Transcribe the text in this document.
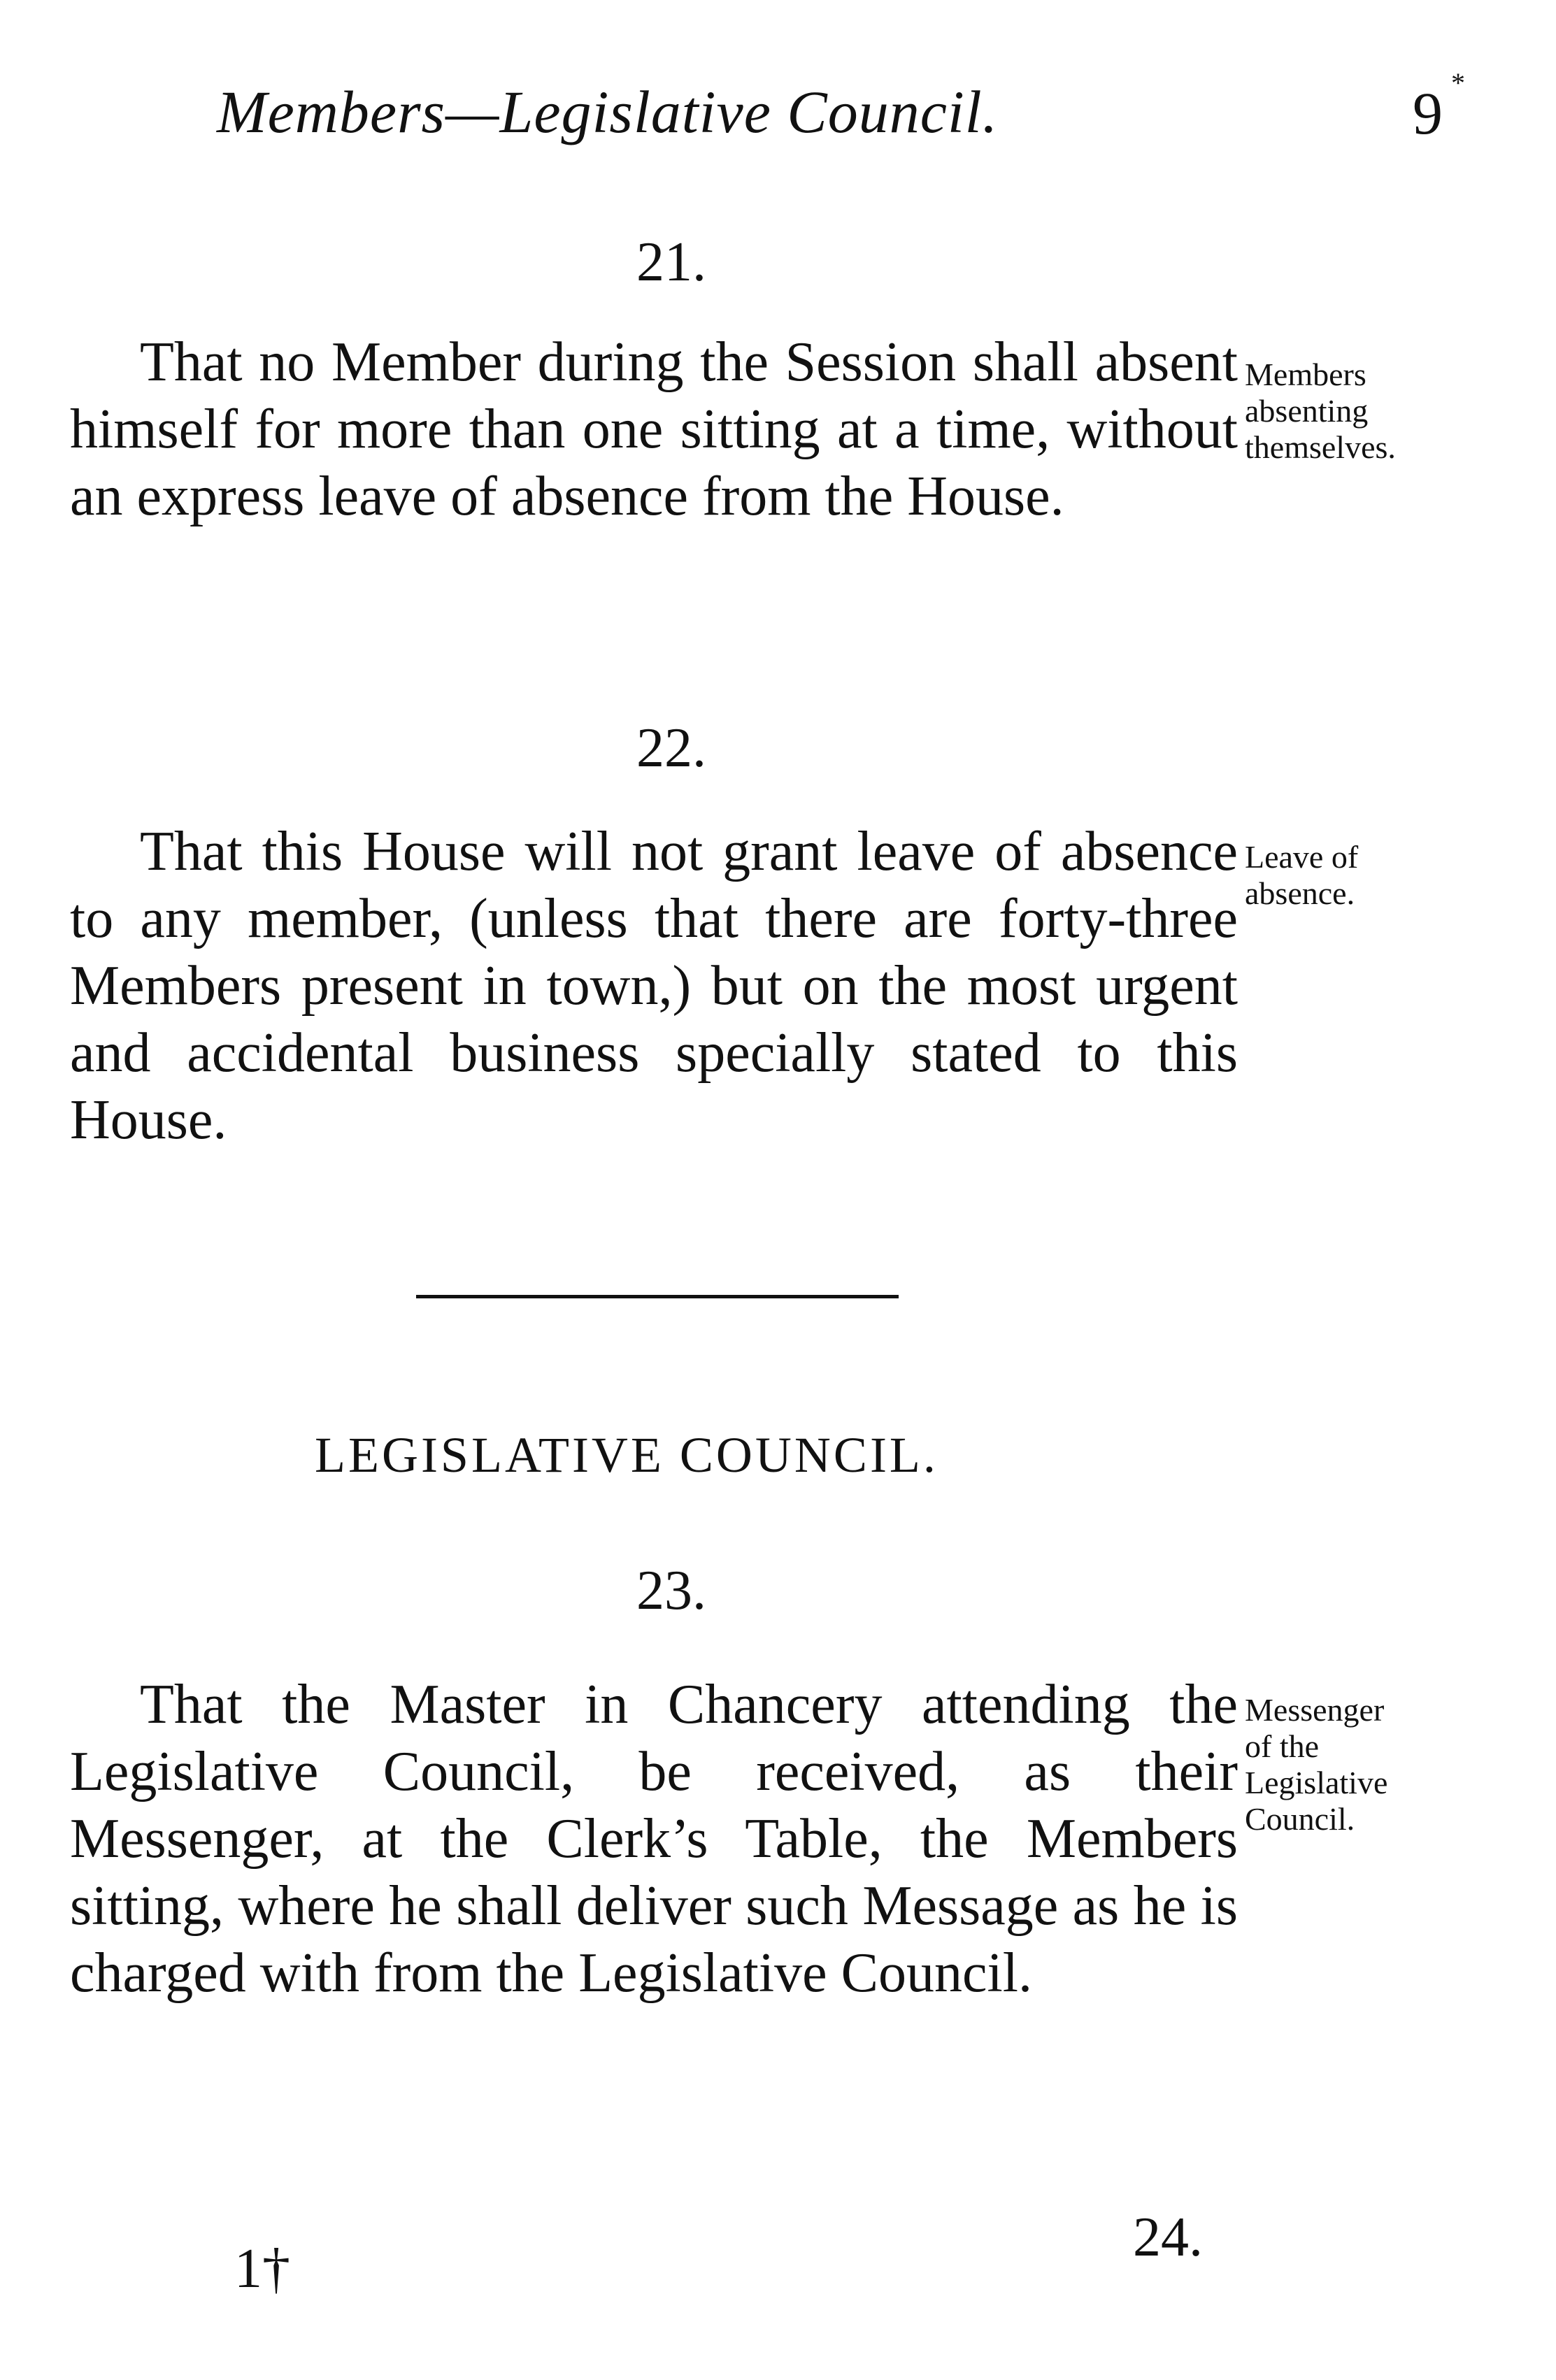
Members—Legislative Council.	9 *
21.

That no Member during the Session shall absent himself for more than one sitting at a time, without an express leave of absence from the House.

Members absenting themselves.
22.

That this House will not grant leave of absence to any member, (unless that there are forty-three Members present in town,) but on the most urgent and accidental business specially stated to this House.

Leave of absence.
LEGISLATIVE COUNCIL.
23.

That the Master in Chancery attending the Legislative Council, be received, as their Messenger, at the Clerk’s Table, the Members sitting, where he shall deliver such Message as he is charged with from the Legislative Council.

Messenger of the Legislative Council.
24.
1†
